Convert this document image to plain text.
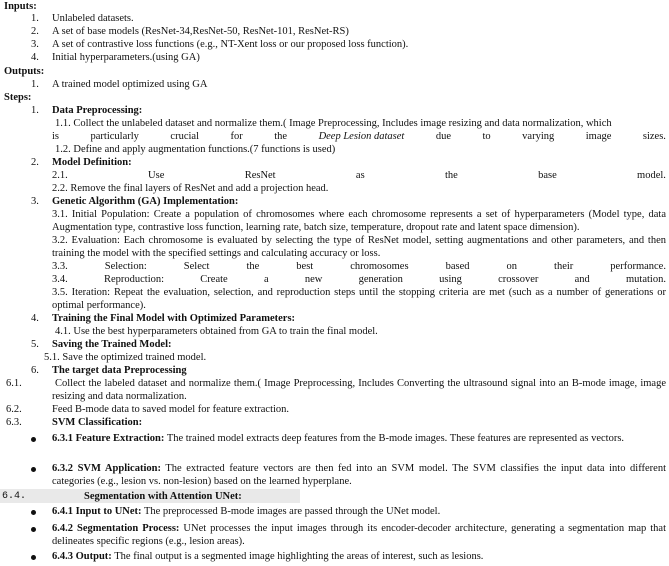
Inputs:
1. Unlabeled datasets.
2. A set of base models (ResNet-34,ResNet-50, ResNet-101, ResNet-RS)
3. A set of contrastive loss functions (e.g., NT-Xent loss or our proposed loss function).
4. Initial hyperparameters.(using GA)
Outputs:
1. A trained model optimized using GA
Steps:
1. Data Preprocessing:
1.1. Collect the unlabeled dataset and normalize them.( Image Preprocessing, Includes image resizing and data normalization, which
is	particularly	crucial	for	the	Deep Lesion dataset	due	to	varying	image	sizes.
1.2. Define and apply augmentation functions.(7 functions is used)
2. Model Definition:
2.1.	Use	ResNet	as	the	base	model.
2.2. Remove the final layers of ResNet and add a projection head.
3. Genetic Algorithm (GA) Implementation:
3.1. Initial Population: Create a population of chromosomes where each chromosome represents a set of hyperparameters (Model type, data Augmentation type, contrastive loss function, learning rate, batch size, temperature, dropout rate and latent space dimension).
3.2. Evaluation: Each chromosome is evaluated by selecting the type of ResNet model, setting augmentations and other parameters, and then training the model with the specified settings and calculating accuracy or loss.
3.3.	Selection:	Select	the	best	chromosomes	based	on	their	performance.
3.4.	Reproduction:	Create	a	new	generation	using	crossover	and	mutation.
3.5. Iteration: Repeat the evaluation, selection, and reproduction steps until the stopping criteria are met (such as a number of generations or optimal performance).
4. Training the Final Model with Optimized Parameters:
4.1. Use the best hyperparameters obtained from GA to train the final model.
5. Saving the Trained Model:
5.1. Save the optimized trained model.
6. The target data Preprocessing
6.1.	Collect the labeled dataset and normalize them.( Image Preprocessing, Includes Converting the ultrasound signal into an B-mode image, image resizing and data normalization.
6.2.	Feed B-mode data to saved model for feature extraction.
6.3.	SVM Classification:
6.3.1 Feature Extraction: The trained model extracts deep features from the B-mode images. These features are represented as vectors.
6.3.2 SVM Application: The extracted feature vectors are then fed into an SVM model. The SVM classifies the input data into different categories (e.g., lesion vs. non-lesion) based on the learned hyperplane.
6.4.	Segmentation with Attention UNet:
6.4.1 Input to UNet: The preprocessed B-mode images are passed through the UNet model.
6.4.2 Segmentation Process: UNet processes the input images through its encoder-decoder architecture, generating a segmentation map that delineates specific regions (e.g., lesion areas).
6.4.3 Output: The final output is a segmented image highlighting the areas of interest, such as lesions.
